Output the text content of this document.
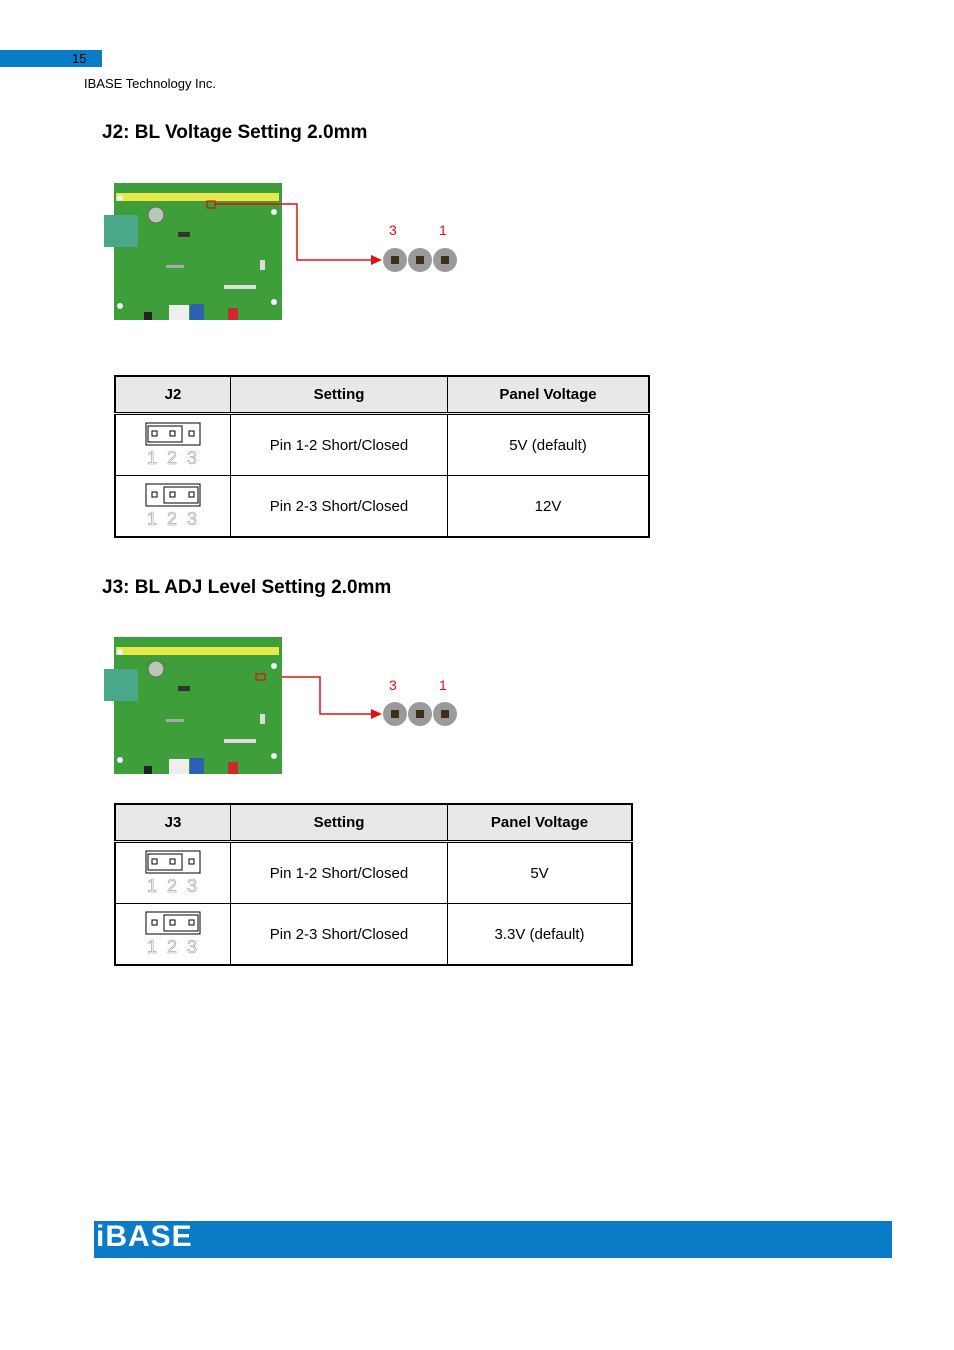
15
IBASE Technology Inc.
J2: BL Voltage Setting 2.0mm
3	1
J2	Setting	Panel Voltage

1 2 3	Pin 1-2 Short/Closed	5V (default)

1 2 3	Pin 2-3 Short/Closed	12V
J3: BL ADJ Level Setting 2.0mm
3	1
J3	Setting	Panel Voltage

1 2 3	Pin 1-2 Short/Closed	5V

1 2 3	Pin 2-3 Short/Closed	3.3V (default)
iBASE
